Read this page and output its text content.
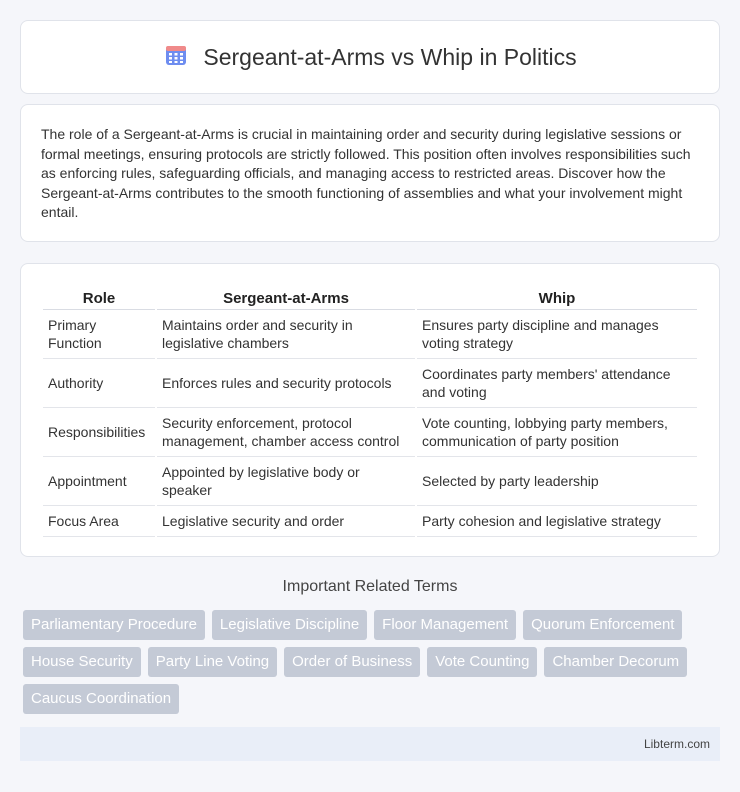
Sergeant-at-Arms vs Whip in Politics

The role of a Sergeant-at-Arms is crucial in maintaining order and security during legislative sessions or formal meetings, ensuring protocols are strictly followed. This position often involves responsibilities such as enforcing rules, safeguarding officials, and managing access to restricted areas. Discover how the Sergeant-at-Arms contributes to the smooth functioning of assemblies and what your involvement might entail.

Role	Sergeant-at-Arms	Whip
Primary Function	Maintains order and security in legislative chambers	Ensures party discipline and manages voting strategy
Authority	Enforces rules and security protocols	Coordinates party members' attendance and voting
Responsibilities	Security enforcement, protocol management, chamber access control	Vote counting, lobbying party members, communication of party position
Appointment	Appointed by legislative body or speaker	Selected by party leadership
Focus Area	Legislative security and order	Party cohesion and legislative strategy
Important Related Terms
Parliamentary Procedure	Legislative Discipline	Floor Management	Quorum Enforcement
House Security	Party Line Voting	Order of Business	Vote Counting	Chamber Decorum
Caucus Coordination
Libterm.com
